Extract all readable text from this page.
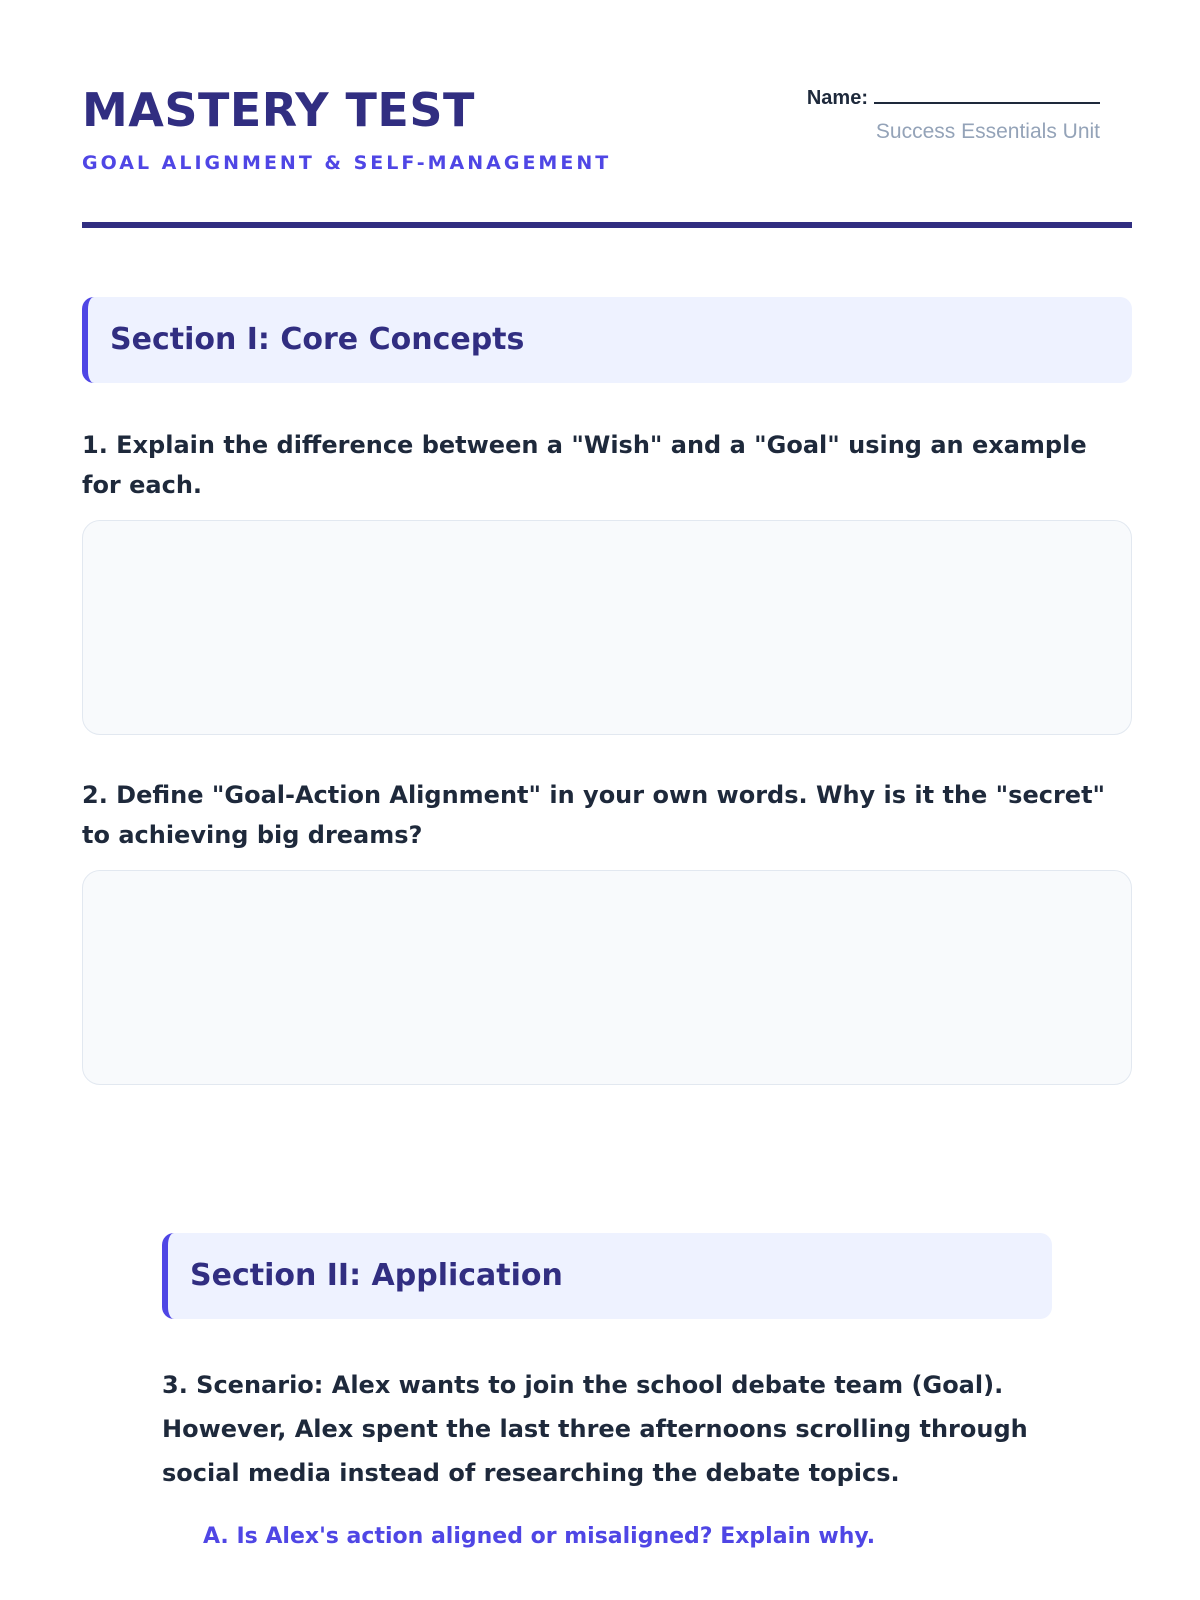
MASTERY TEST
GOAL ALIGNMENT & SELF-MANAGEMENT
Name:
Success Essentials Unit
Section I: Core Concepts
1. Explain the difference between a "Wish" and a "Goal" using an example for each.
2. Define "Goal-Action Alignment" in your own words. Why is it the "secret" to achieving big dreams?
Section II: Application
3. Scenario: Alex wants to join the school debate team (Goal). However, Alex spent the last three afternoons scrolling through social media instead of researching the debate topics.
A. Is Alex's action aligned or misaligned? Explain why.
